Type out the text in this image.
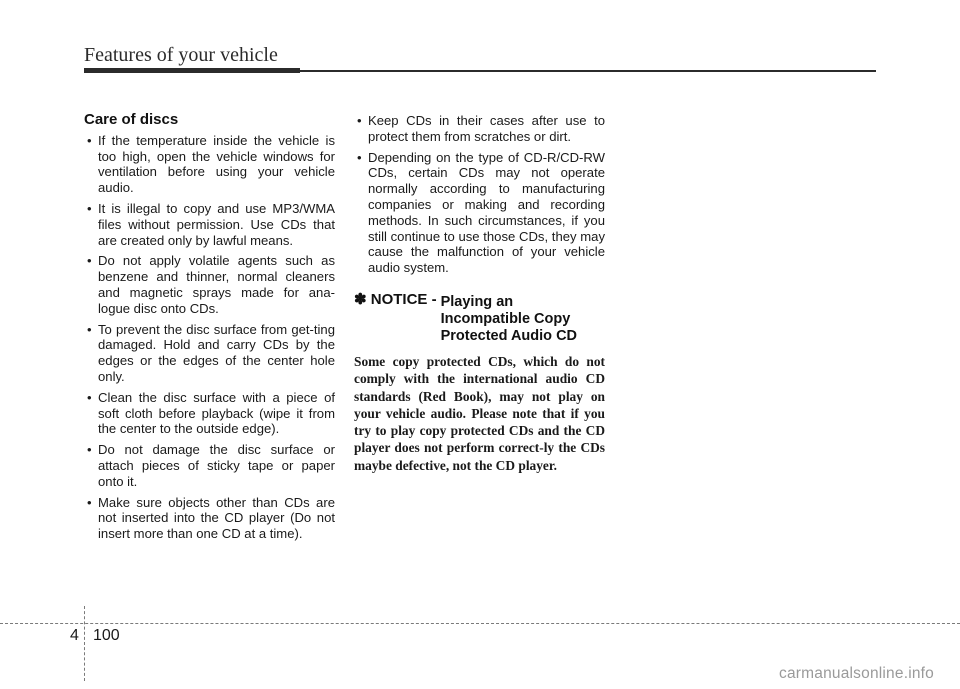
Features of your vehicle
Care of discs
• If the temperature inside the vehicle is too high, open the vehicle windows for ventilation before using your vehicle audio.
• It is illegal to copy and use MP3/WMA files without permission. Use CDs that are created only by lawful means.
• Do not apply volatile agents such as benzene and thinner, normal cleaners and magnetic sprays made for ana-logue disc onto CDs.
• To prevent the disc surface from get-ting damaged. Hold and carry CDs by the edges or the edges of the center hole only.
• Clean the disc surface with a piece of soft cloth before playback (wipe it from the center to the outside edge).
• Do not damage the disc surface or attach pieces of sticky tape or paper onto it.
• Make sure objects other than CDs are not inserted into the CD player (Do not insert more than one CD at a time).
• Keep CDs in their cases after use to protect them from scratches or dirt.
• Depending on the type of CD-R/CD-RW CDs, certain CDs may not operate normally according to manufacturing companies or making and recording methods. In such circumstances, if you still continue to use those CDs, they may cause the malfunction of your vehicle audio system.
✽ NOTICE - Playing an Incompatible Copy Protected Audio CD

Some copy protected CDs, which do not comply with the international audio CD standards (Red Book), may not play on your vehicle audio. Please note that if you try to play copy protected CDs and the CD player does not perform correct-ly the CDs maybe defective, not the CD player.

4 100
carmanualsonline.info
